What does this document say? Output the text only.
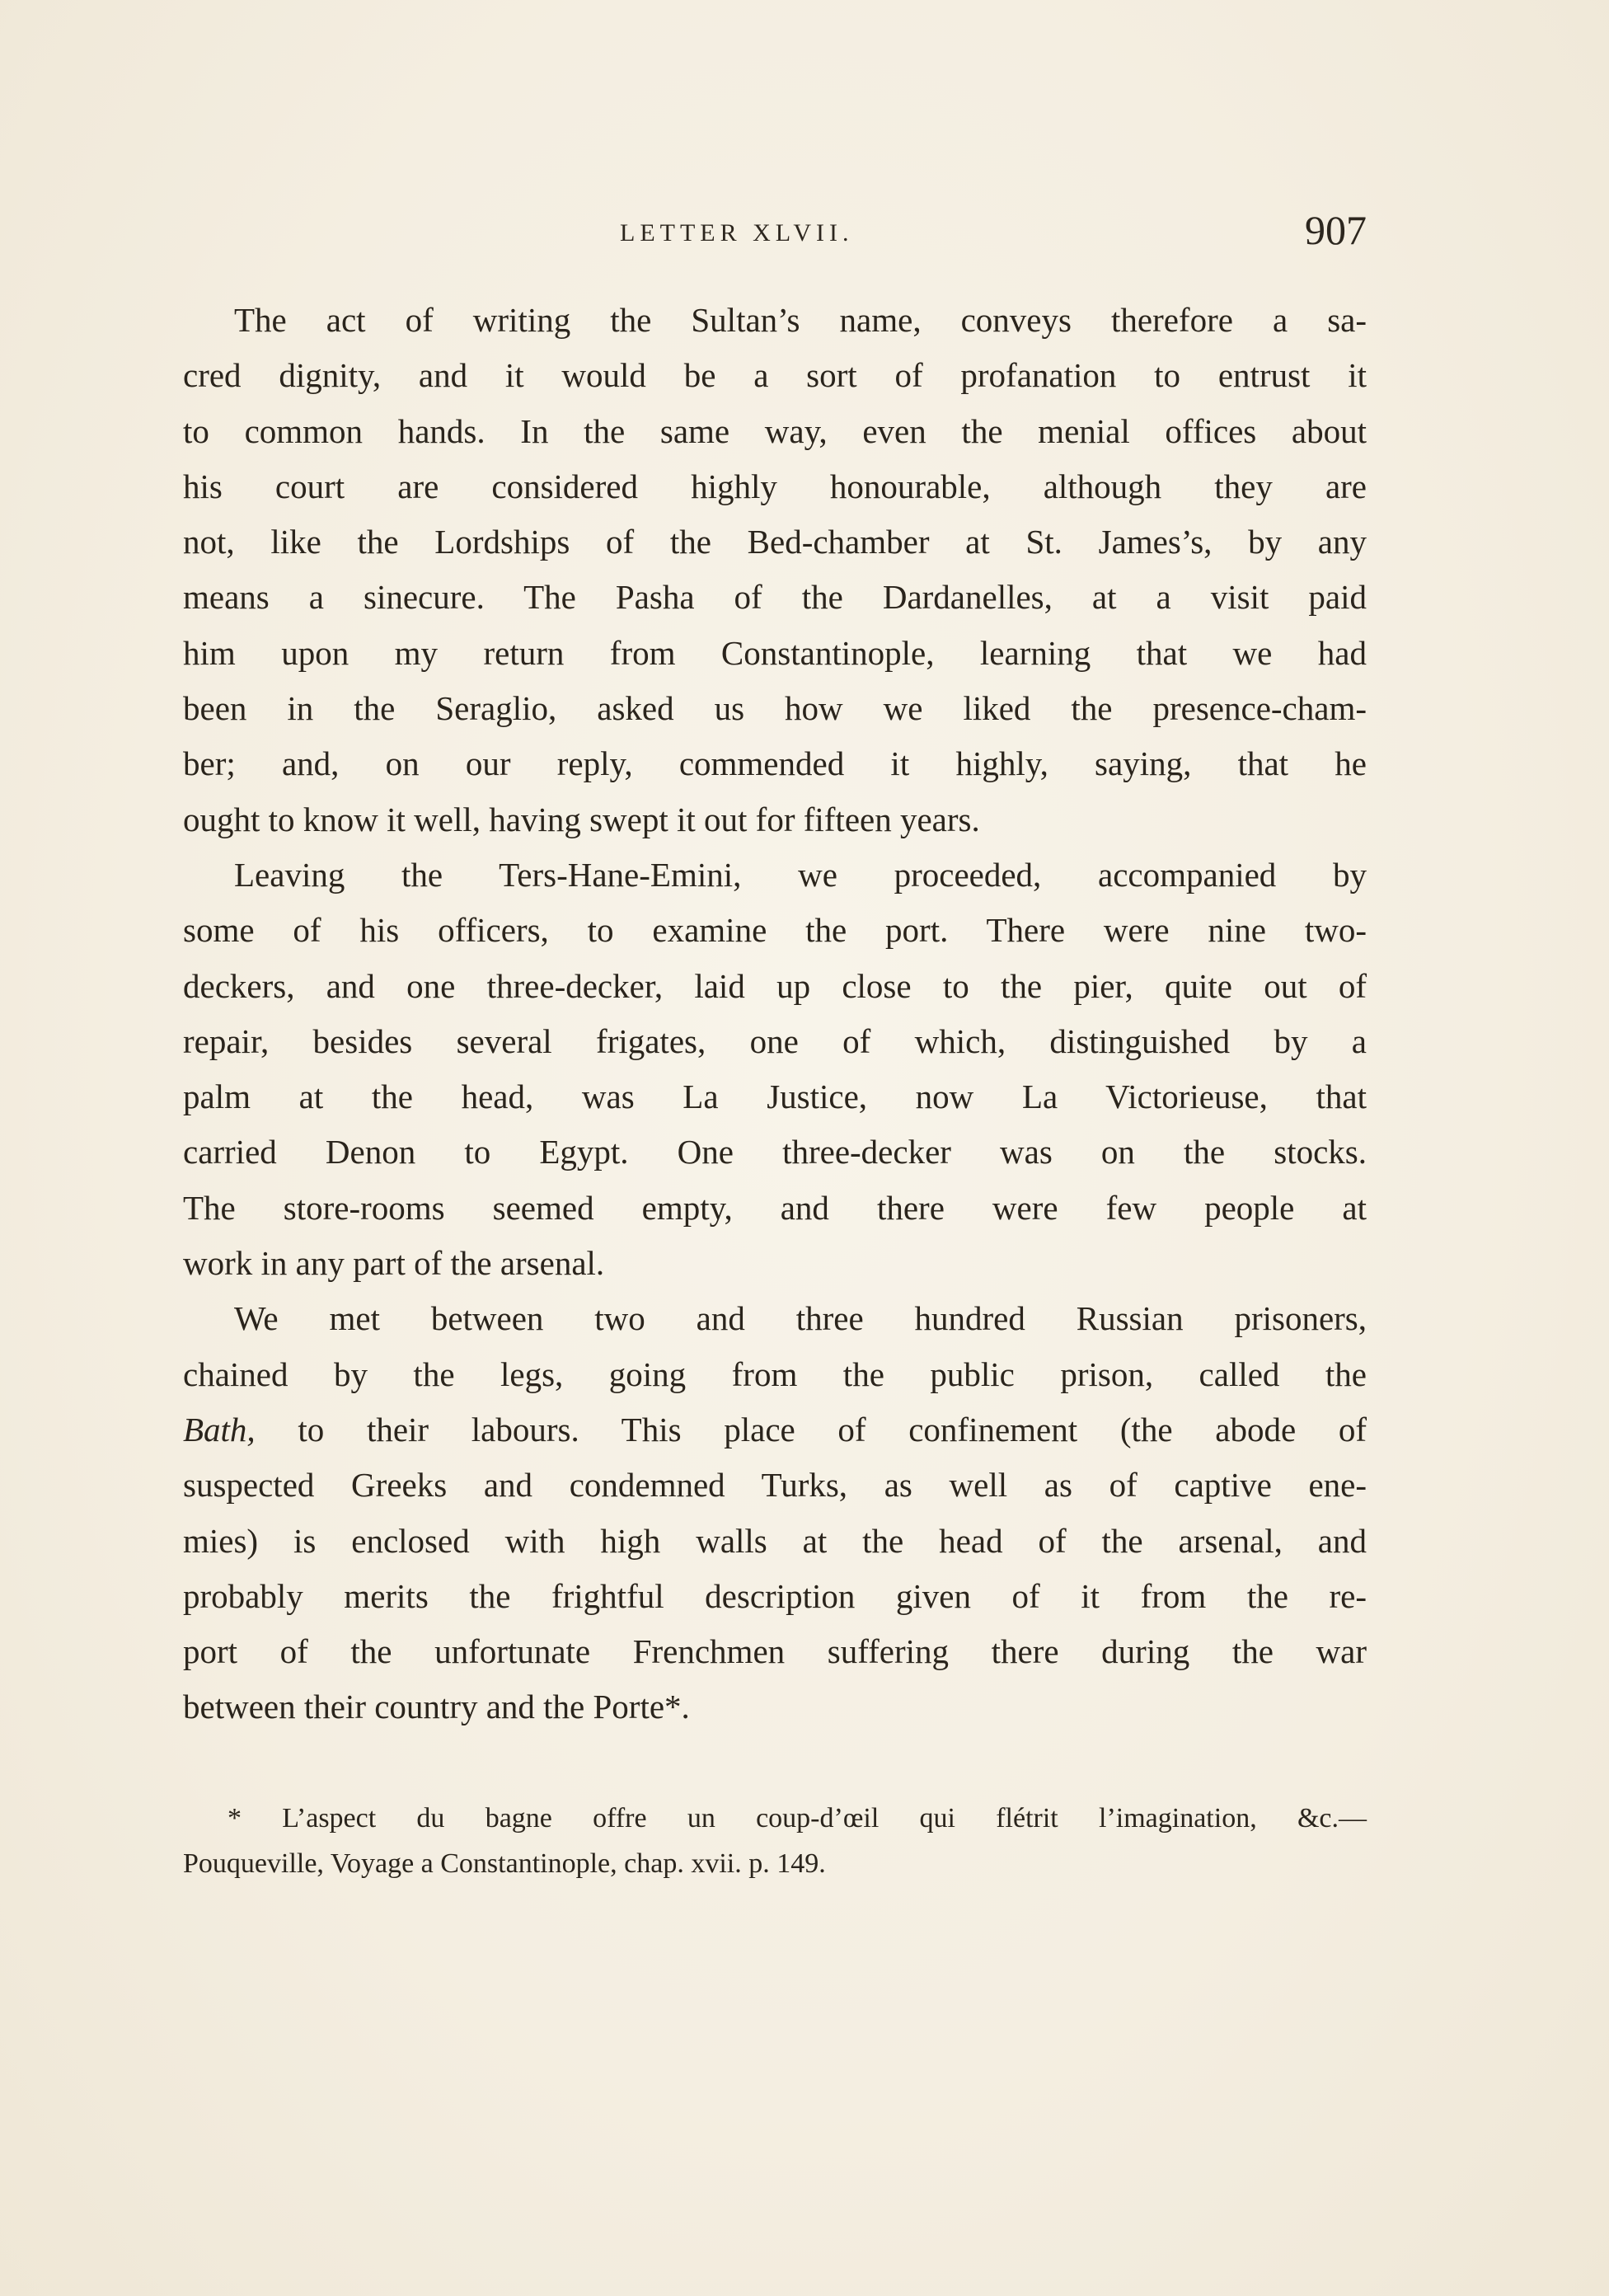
LETTER XLVII.	907
The act of writing the Sultan’s name, conveys therefore a sa-
cred dignity, and it would be a sort of profanation to entrust it
to common hands. In the same way, even the menial offices about
his court are considered highly honourable, although they are
not, like the Lordships of the Bed-chamber at St. James’s, by any
means a sinecure. The Pasha of the Dardanelles, at a visit paid
him upon my return from Constantinople, learning that we had
been in the Seraglio, asked us how we liked the presence-cham-
ber; and, on our reply, commended it highly, saying, that he
ought to know it well, having swept it out for fifteen years.
Leaving the Ters-Hane-Emini, we proceeded, accompanied by
some of his officers, to examine the port. There were nine two-
deckers, and one three-decker, laid up close to the pier, quite out of
repair, besides several frigates, one of which, distinguished by a
palm at the head, was La Justice, now La Victorieuse, that
carried Denon to Egypt. One three-decker was on the stocks.
The store-rooms seemed empty, and there were few people at
work in any part of the arsenal.
We met between two and three hundred Russian prisoners,
chained by the legs, going from the public prison, called the
Bath, to their labours. This place of confinement (the abode of
suspected Greeks and condemned Turks, as well as of captive ene-
mies) is enclosed with high walls at the head of the arsenal, and
probably merits the frightful description given of it from the re-
port of the unfortunate Frenchmen suffering there during the war
between their country and the Porte*.
* L’aspect du bagne offre un coup-d’œil qui flétrit l’imagination, &c.—
Pouqueville, Voyage a Constantinople, chap. xvii. p. 149.
